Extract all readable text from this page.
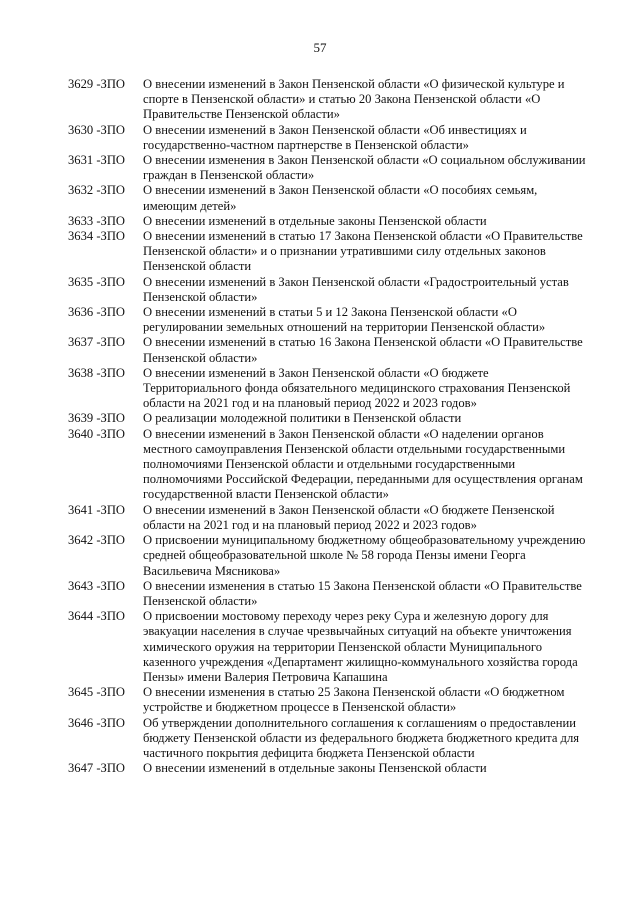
57
3629 -ЗПО	О внесении изменений в Закон Пензенской области «О физической культуре и спорте в Пензенской области» и статью 20 Закона Пензенской области «О Правительстве Пензенской области»
3630 -ЗПО	О внесении изменений в Закон Пензенской области «Об инвестициях и государственно-частном партнерстве в Пензенской области»
3631 -ЗПО	О внесении изменения в Закон Пензенской области «О социальном обслуживании граждан в Пензенской области»
3632 -ЗПО	О внесении изменений в Закон Пензенской области «О пособиях семьям, имеющим детей»
3633 -ЗПО	О внесении изменений в отдельные законы Пензенской области
3634 -ЗПО	О внесении изменений в статью 17 Закона Пензенской области «О Правительстве Пензенской области» и о признании утратившими силу отдельных законов Пензенской области
3635 -ЗПО	О внесении изменений в Закон Пензенской области «Градостроительный устав Пензенской области»
3636 -ЗПО	О внесении изменений в статьи 5 и 12 Закона Пензенской области «О регулировании земельных отношений на территории Пензенской области»
3637 -ЗПО	О внесении изменений в статью 16 Закона Пензенской области «О Правительстве Пензенской области»
3638 -ЗПО	О внесении изменений в Закон Пензенской области «О бюджете Территориального фонда обязательного медицинского страхования Пензенской области на 2021 год и на плановый период 2022 и 2023 годов»
3639 -ЗПО	О реализации молодежной политики в Пензенской области
3640 -ЗПО	О внесении изменений в Закон Пензенской области «О наделении органов местного самоуправления Пензенской области отдельными государственными полномочиями Пензенской области и отдельными государственными полномочиями Российской Федерации, переданными для осуществления органам государственной власти Пензенской области»
3641 -ЗПО	О внесении изменений в Закон Пензенской области «О бюджете Пензенской области на 2021 год и на плановый период 2022 и 2023 годов»
3642 -ЗПО	О присвоении муниципальному бюджетному общеобразовательному учреждению средней общеобразовательной школе № 58 города Пензы имени Георга Васильевича Мясникова»
3643 -ЗПО	О внесении изменения в статью 15 Закона Пензенской области «О Правительстве Пензенской области»
3644 -ЗПО	О присвоении мостовому переходу через реку Сура и железную дорогу для эвакуации населения в случае чрезвычайных ситуаций на объекте уничтожения химического оружия на территории Пензенской области Муниципального казенного учреждения «Департамент жилищно-коммунального хозяйства города Пензы» имени Валерия Петровича Капашина
3645 -ЗПО	О внесении изменения в статью 25 Закона Пензенской области «О бюджетном устройстве и бюджетном процессе в Пензенской области»
3646 -ЗПО	Об утверждении дополнительного соглашения к соглашениям о предоставлении бюджету Пензенской области из федерального бюджета бюджетного кредита для частичного покрытия дефицита бюджета Пензенской области
3647 -ЗПО	О внесении изменений в отдельные законы Пензенской области
